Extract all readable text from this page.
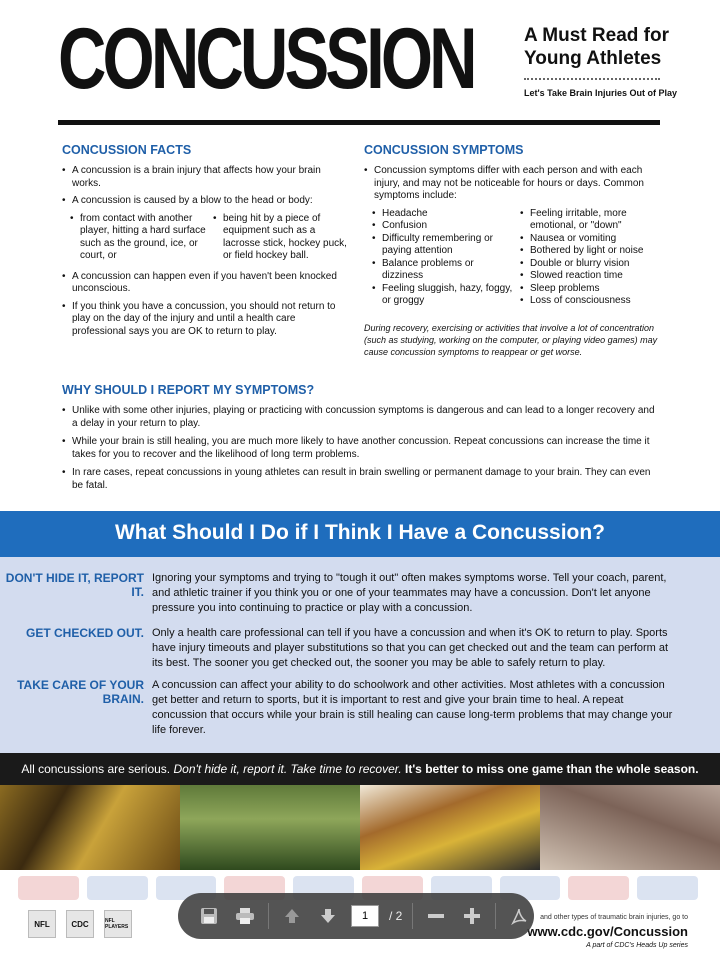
CONCUSSION	A Must Read for Young Athletes
Let's Take Brain Injuries Out of Play
CONCUSSION FACTS
• A concussion is a brain injury that affects how your brain works.
• A concussion is caused by a blow to the head or body:
• from contact with another player, hitting a hard surface such as the ground, ice, or court, or
• being hit by a piece of equipment such as a lacrosse stick, hockey puck, or field hockey ball.
• A concussion can happen even if you haven't been knocked unconscious.
• If you think you have a concussion, you should not return to play on the day of the injury and until a health care professional says you are OK to return to play.
CONCUSSION SYMPTOMS
• Concussion symptoms differ with each person and with each injury, and may not be noticeable for hours or days. Common symptoms include:
• Headache
• Confusion
• Difficulty remembering or paying attention
• Balance problems or dizziness
• Feeling sluggish, hazy, foggy, or groggy
• Feeling irritable, more emotional, or "down"
• Nausea or vomiting
• Bothered by light or noise
• Double or blurry vision
• Slowed reaction time
• Sleep problems
• Loss of consciousness
During recovery, exercising or activities that involve a lot of concentration (such as studying, working on the computer, or playing video games) may cause concussion symptoms to reappear or get worse.
WHY SHOULD I REPORT MY SYMPTOMS?
• Unlike with some other injuries, playing or practicing with concussion symptoms is dangerous and can lead to a longer recovery and a delay in your return to play.
• While your brain is still healing, you are much more likely to have another concussion. Repeat concussions can increase the time it takes for you to recover and the likelihood of long term problems.
• In rare cases, repeat concussions in young athletes can result in brain swelling or permanent damage to your brain. They can even be fatal.
What Should I Do if I Think I Have a Concussion?
DON'T HIDE IT, REPORT IT.
Ignoring your symptoms and trying to "tough it out" often makes symptoms worse. Tell your coach, parent, and athletic trainer if you think you or one of your teammates may have a concussion. Don't let anyone pressure you into continuing to practice or play with a concussion.
GET CHECKED OUT. Only a health care professional can tell if you have a concussion and when it's OK to return to play. Sports have injury timeouts and player substitutions so that you can get checked out and the team can perform at its best. The sooner you get checked out, the sooner you may be able to safely return to play.
TAKE CARE OF YOUR BRAIN.
A concussion can affect your ability to do schoolwork and other activities. Most athletes with a concussion get better and return to sports, but it is important to rest and give your brain time to heal. A repeat concussion that occurs while your brain is still healing can cause long-term problems that may change your life forever.
All concussions are serious. Don't hide it, report it. Take time to recover. It's better to miss one game than the whole season.
NFL	CDC	NFL PLAYERS
and other types of traumatic brain injuries, go to
www.cdc.gov/Concussion
A part of CDC's Heads Up series
1
/ 2
